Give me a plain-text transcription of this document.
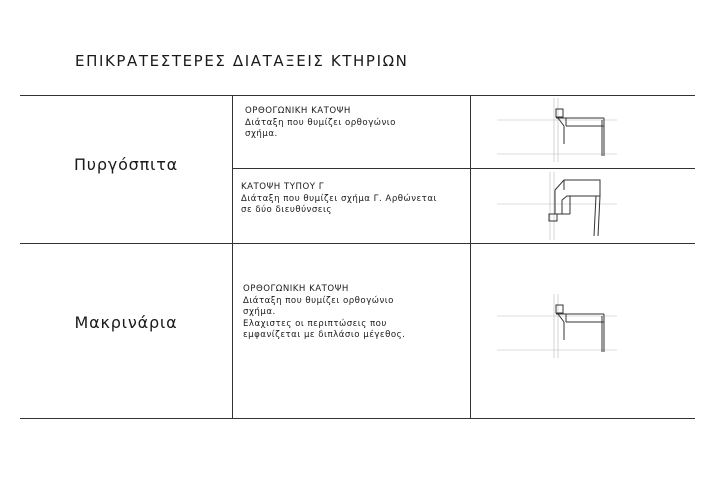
ΕΠΙΚΡΑΤΕΣΤΕΡΕΣ ΔΙΑΤΑΞΕΙΣ ΚΤΗΡΙΩΝ
Πυργόσπιτα
ΟΡΘΟΓΩΝΙΚΗ ΚΑΤΟΨΗ
Διάταξη που θυμίζει ορθογώνιο
σχήμα.
ΚΑΤΟΨΗ ΤΥΠΟΥ Γ
Διάταξη που θυμίζει σχήμα Γ. Αρθώνεται
σε δύο διευθύνσεις
Μακρινάρια
ΟΡΘΟΓΩΝΙΚΗ ΚΑΤΟΨΗ
Διάταξη που θυμίζει ορθογώνιο
σχήμα.
Ελαχιστες οι περιπτώσεις που
εμφανίζεται με διπλάσιο μέγεθος.
